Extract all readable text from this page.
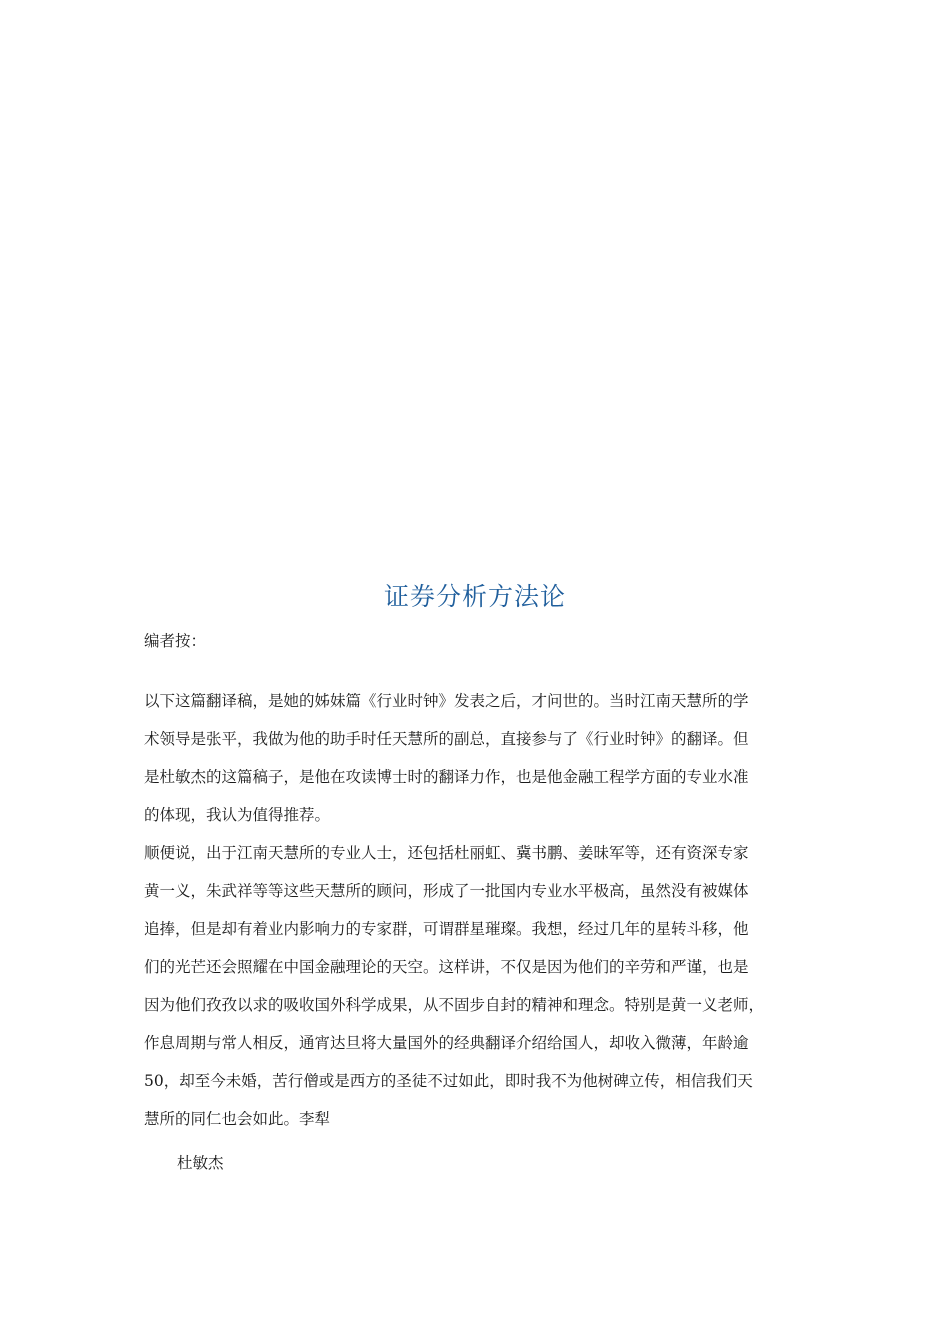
证券分析方法论
编者按：
以下这篇翻译稿，是她的姊妹篇《行业时钟》发表之后，才问世的。当时江南天慧所的学
术领导是张平，我做为他的助手时任天慧所的副总，直接参与了《行业时钟》的翻译。但
是杜敏杰的这篇稿子，是他在攻读博士时的翻译力作，也是他金融工程学方面的专业水准
的体现，我认为值得推荐。
顺便说，出于江南天慧所的专业人士，还包括杜丽虹、冀书鹏、姜昧军等，还有资深专家
黄一义，朱武祥等等这些天慧所的顾问，形成了一批国内专业水平极高，虽然没有被媒体
追捧，但是却有着业内影响力的专家群，可谓群星璀璨。我想，经过几年的星转斗移，他
们的光芒还会照耀在中国金融理论的天空。这样讲，不仅是因为他们的辛劳和严谨，也是
因为他们孜孜以求的吸收国外科学成果，从不固步自封的精神和理念。特别是黄一义老师，
作息周期与常人相反，通宵达旦将大量国外的经典翻译介绍给国人，却收入微薄，年龄逾
50，却至今未婚，苦行僧或是西方的圣徒不过如此，即时我不为他树碑立传，相信我们天
慧所的同仁也会如此。李犁
杜敏杰
